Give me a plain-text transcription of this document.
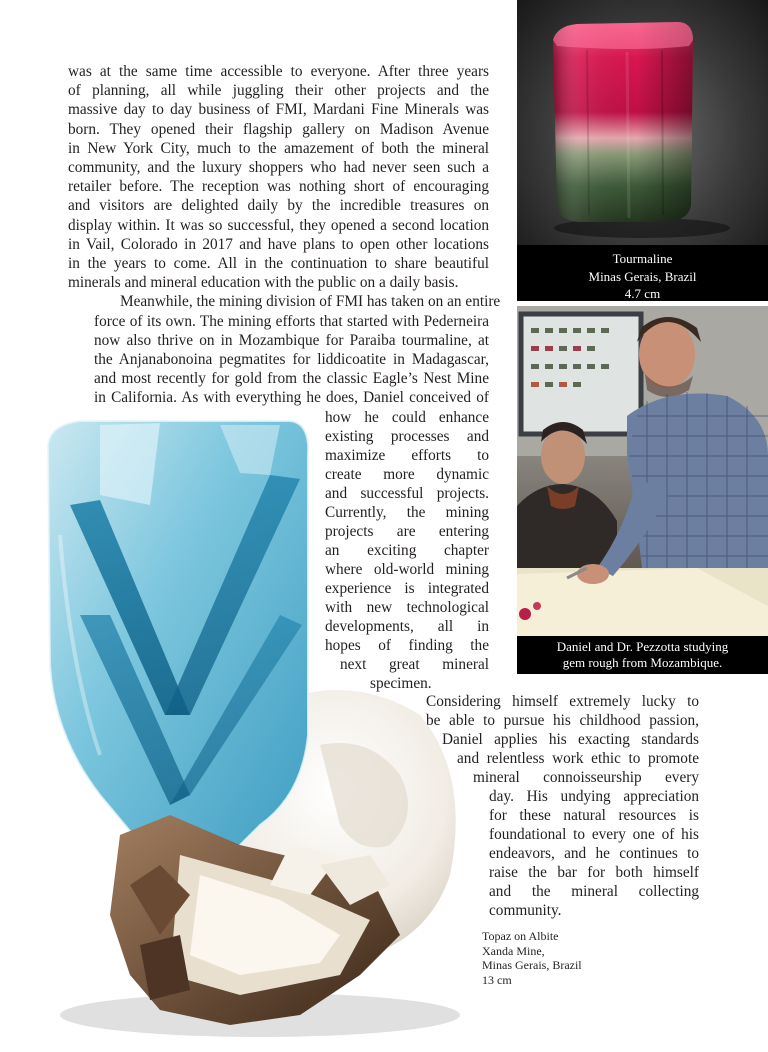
was at the same time accessible to everyone. After three years
of planning, all while juggling their other projects and the
massive day to day business of FMI, Mardani Fine Minerals was
born. They opened their flagship gallery on Madison Avenue
in New York City, much to the amazement of both the mineral
community, and the luxury shoppers who had never seen such a
retailer before. The reception was nothing short of encouraging
and visitors are delighted daily by the incredible treasures on
display within. It was so successful, they opened a second location
in Vail, Colorado in 2017 and have plans to open other locations
in the years to come. All in the continuation to share beautiful
minerals and mineral education with the public on a daily basis.

Meanwhile, the mining division of FMI has taken on an entire
force of its own. The mining efforts that started with Pederneira
now also thrive on in Mozambique for Paraiba tourmaline, at
the Anjanabonoina pegmatites for liddicoatite in Madagascar,
and most recently for gold from the classic Eagle’s Nest Mine
in California. As with everything he does, Daniel conceived of

how he could enhance
existing processes and
maximize efforts to
create more dynamic
and successful projects.
Currently, the mining
projects are entering
an exciting chapter
where old-world mining
experience is integrated
with new technological
developments, all in
hopes of finding the
next great mineral
specimen.
Considering himself extremely lucky to
be able to pursue his childhood passion,
Daniel applies his exacting standards
and relentless work ethic to promote
mineral connoisseurship every
day. His undying appreciation
for these natural resources is
foundational to every one of his
endeavors, and he continues to
raise the bar for both himself
and the mineral collecting
community.
Tourmaline
Minas Gerais, Brazil
4.7 cm
Daniel and Dr. Pezzotta studying
gem rough from Mozambique.
Topaz on Albite
Xanda Mine,
Minas Gerais, Brazil
13 cm
